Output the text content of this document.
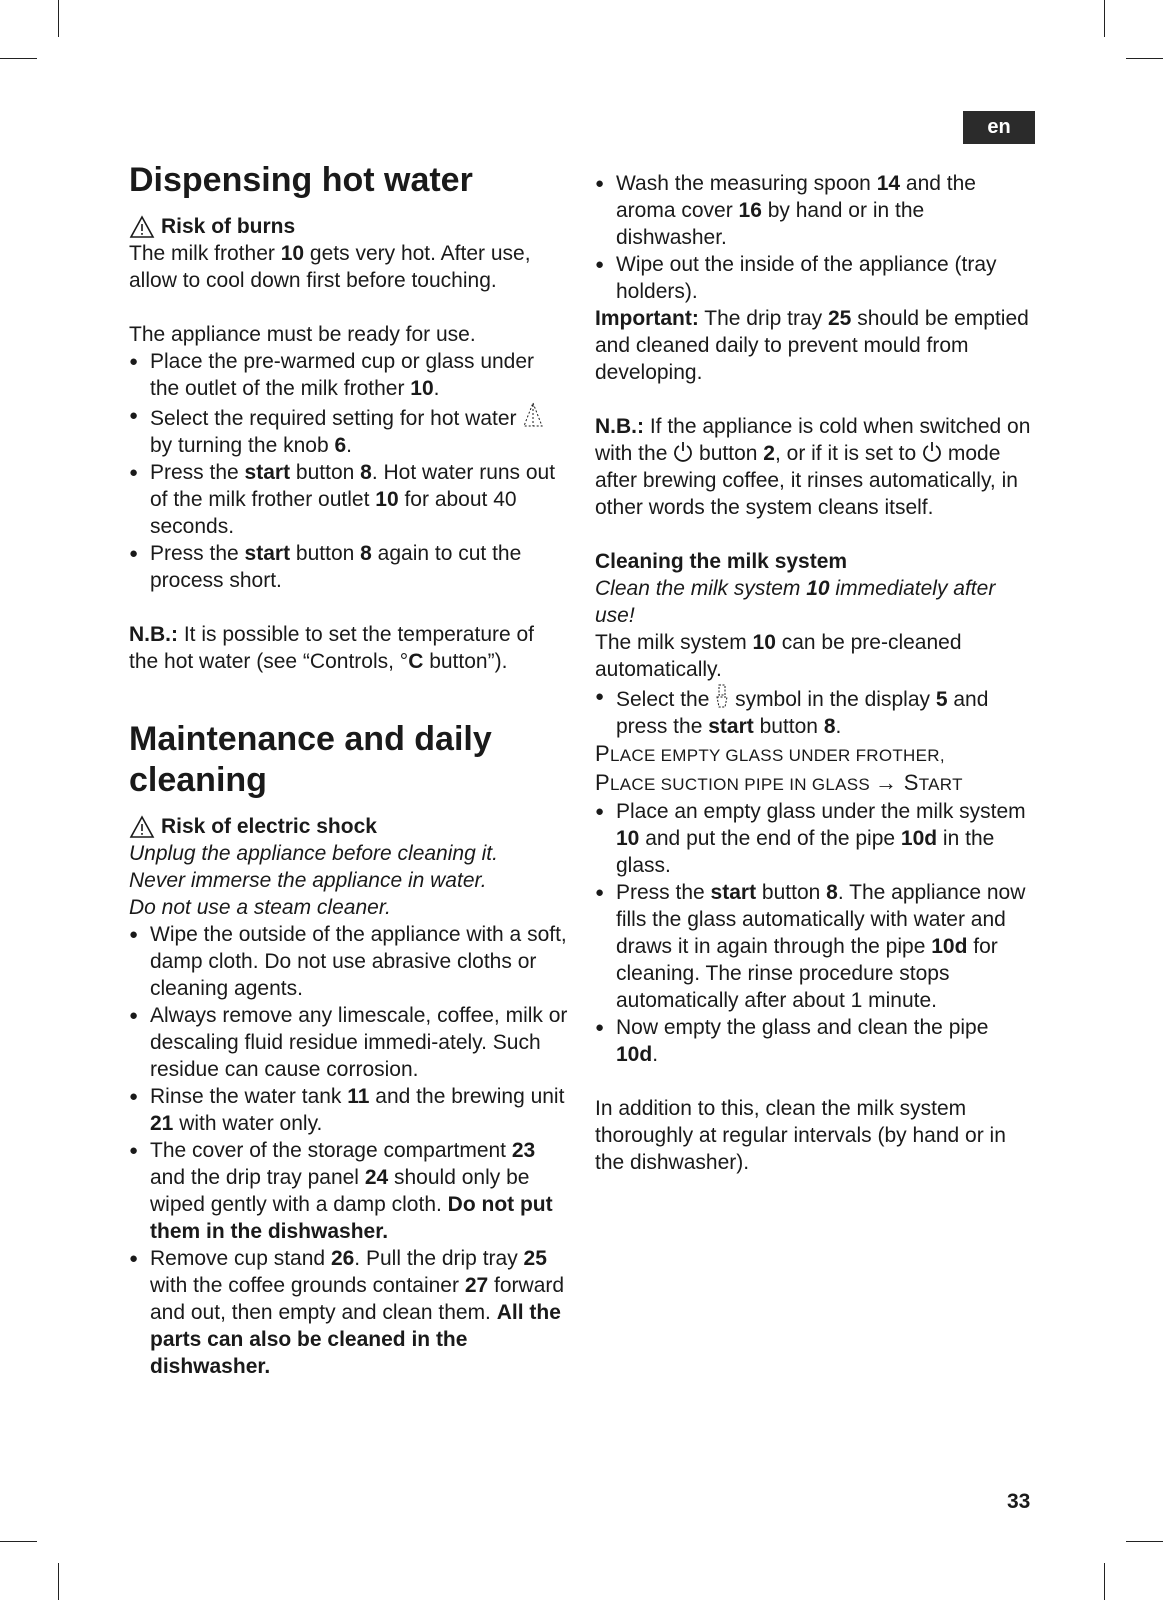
en
Dispensing hot water
Risk of burns

The milk frother 10 gets very hot. After use, allow to cool down first before touching.

The appliance must be ready for use.

● Place the pre-warmed cup or glass under the outlet of the milk frother 10.
● Select the required setting for hot water  by turning the knob 6.
● Press the start button 8. Hot water runs out of the milk frother outlet 10 for about 40 seconds.
● Press the start button 8 again to cut the process short.

N.B.: It is possible to set the temperature of the hot water (see “Controls, °C button”).

Maintenance and daily cleaning
Risk of electric shock

Unplug the appliance before cleaning it.

Never immerse the appliance in water.

Do not use a steam cleaner.

● Wipe the outside of the appliance with a soft, damp cloth. Do not use abrasive cloths or cleaning agents.
● Always remove any limescale, coffee, milk or descaling fluid residue immedi-ately. Such residue can cause corrosion.
● Rinse the water tank 11 and the brewing unit 21 with water only.
● The cover of the storage compartment 23 and the drip tray panel 24 should only be wiped gently with a damp cloth. Do not put them in the dishwasher.
● Remove cup stand 26. Pull the drip tray 25 with the coffee grounds container 27 forward and out, then empty and clean them. All the parts can also be cleaned in the dishwasher.
● Wash the measuring spoon 14 and the aroma cover 16 by hand or in the dishwasher.
● Wipe out the inside of the appliance (tray holders).

Important: The drip tray 25 should be emptied and cleaned daily to prevent mould from developing.

N.B.: If the appliance is cold when switched on with the  button 2, or if it is set to  mode after brewing coffee, it rinses automatically, in other words the system cleans itself.

Cleaning the milk system

Clean the milk system 10 immediately after use!

The milk system 10 can be pre-cleaned automatically.

● Select the  symbol in the display 5 and press the start button 8.

PLACE EMPTY GLASS UNDER FROTHER,

PLACE SUCTION PIPE IN GLASS → START

● Place an empty glass under the milk system 10 and put the end of the pipe 10d in the glass.
● Press the start button 8. The appliance now fills the glass automatically with water and draws it in again through the pipe 10d for cleaning. The rinse procedure stops automatically after about 1 minute.
● Now empty the glass and clean the pipe 10d.

In addition to this, clean the milk system thoroughly at regular intervals (by hand or in the dishwasher).

33
